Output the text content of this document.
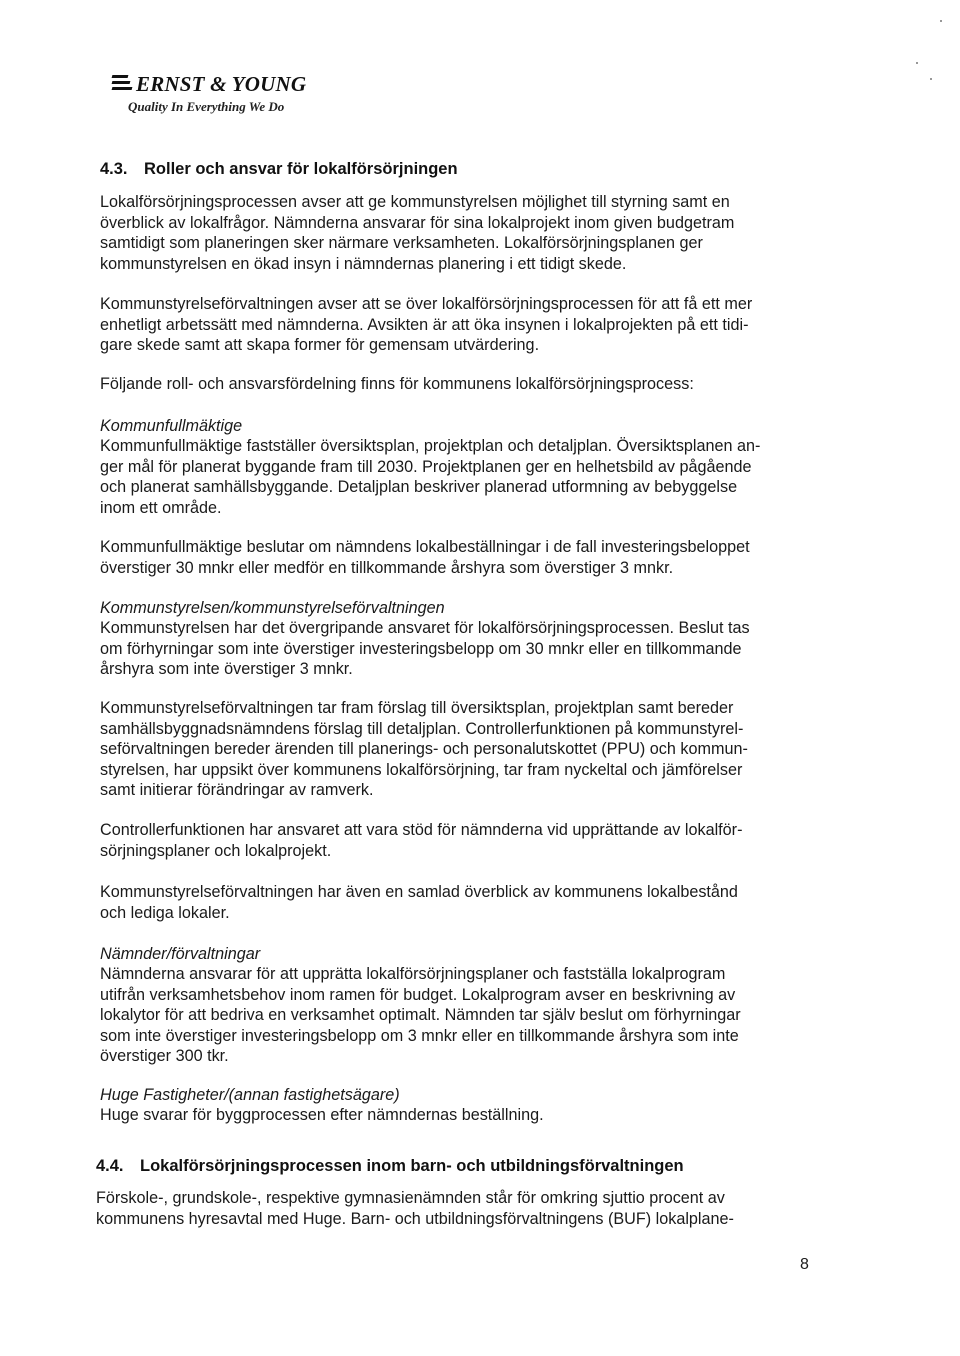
ERNST & YOUNG
Quality In Everything We Do
4.3. Roller och ansvar för lokalförsörjningen
Lokalförsörjningsprocessen avser att ge kommunstyrelsen möjlighet till styrning samt en
överblick av lokalfrågor. Nämnderna ansvarar för sina lokalprojekt inom given budgetram
samtidigt som planeringen sker närmare verksamheten. Lokalförsörjningsplanen ger
kommunstyrelsen en ökad insyn i nämndernas planering i ett tidigt skede.
Kommunstyrelseförvaltningen avser att se över lokalförsörjningsprocessen för att få ett mer
enhetligt arbetssätt med nämnderna. Avsikten är att öka insynen i lokalprojekten på ett tidi-
gare skede samt att skapa former för gemensam utvärdering.
Följande roll- och ansvarsfördelning finns för kommunens lokalförsörjningsprocess:
Kommunfullmäktige
Kommunfullmäktige fastställer översiktsplan, projektplan och detaljplan. Översiktsplanen an-
ger mål för planerat byggande fram till 2030. Projektplanen ger en helhetsbild av pågående
och planerat samhällsbyggande. Detaljplan beskriver planerad utformning av bebyggelse
inom ett område.
Kommunfullmäktige beslutar om nämndens lokalbeställningar i de fall investeringsbeloppet
överstiger 30 mnkr eller medför en tillkommande årshyra som överstiger 3 mnkr.
Kommunstyrelsen/kommunstyrelseförvaltningen
Kommunstyrelsen har det övergripande ansvaret för lokalförsörjningsprocessen. Beslut tas
om förhyrningar som inte överstiger investeringsbelopp om 30 mnkr eller en tillkommande
årshyra som inte överstiger 3 mnkr.
Kommunstyrelseförvaltningen tar fram förslag till översiktsplan, projektplan samt bereder
samhällsbyggnadsnämndens förslag till detaljplan. Controllerfunktionen på kommunstyrel-
seförvaltningen bereder ärenden till planerings- och personalutskottet (PPU) och kommun-
styrelsen, har uppsikt över kommunens lokalförsörjning, tar fram nyckeltal och jämförelser
samt initierar förändringar av ramverk.
Controllerfunktionen har ansvaret att vara stöd för nämnderna vid upprättande av lokalför-
sörjningsplaner och lokalprojekt.
Kommunstyrelseförvaltningen har även en samlad överblick av kommunens lokalbestånd
och lediga lokaler.
Nämnder/förvaltningar
Nämnderna ansvarar för att upprätta lokalförsörjningsplaner och fastställa lokalprogram
utifrån verksamhetsbehov inom ramen för budget. Lokalprogram avser en beskrivning av
lokalytor för att bedriva en verksamhet optimalt. Nämnden tar själv beslut om förhyrningar
som inte överstiger investeringsbelopp om 3 mnkr eller en tillkommande årshyra som inte
överstiger 300 tkr.
Huge Fastigheter/(annan fastighetsägare)
Huge svarar för byggprocessen efter nämndernas beställning.
4.4. Lokalförsörjningsprocessen inom barn- och utbildningsförvaltningen
Förskole-, grundskole-, respektive gymnasienämnden står för omkring sjuttio procent av
kommunens hyresavtal med Huge. Barn- och utbildningsförvaltningens (BUF) lokalplane-
8
